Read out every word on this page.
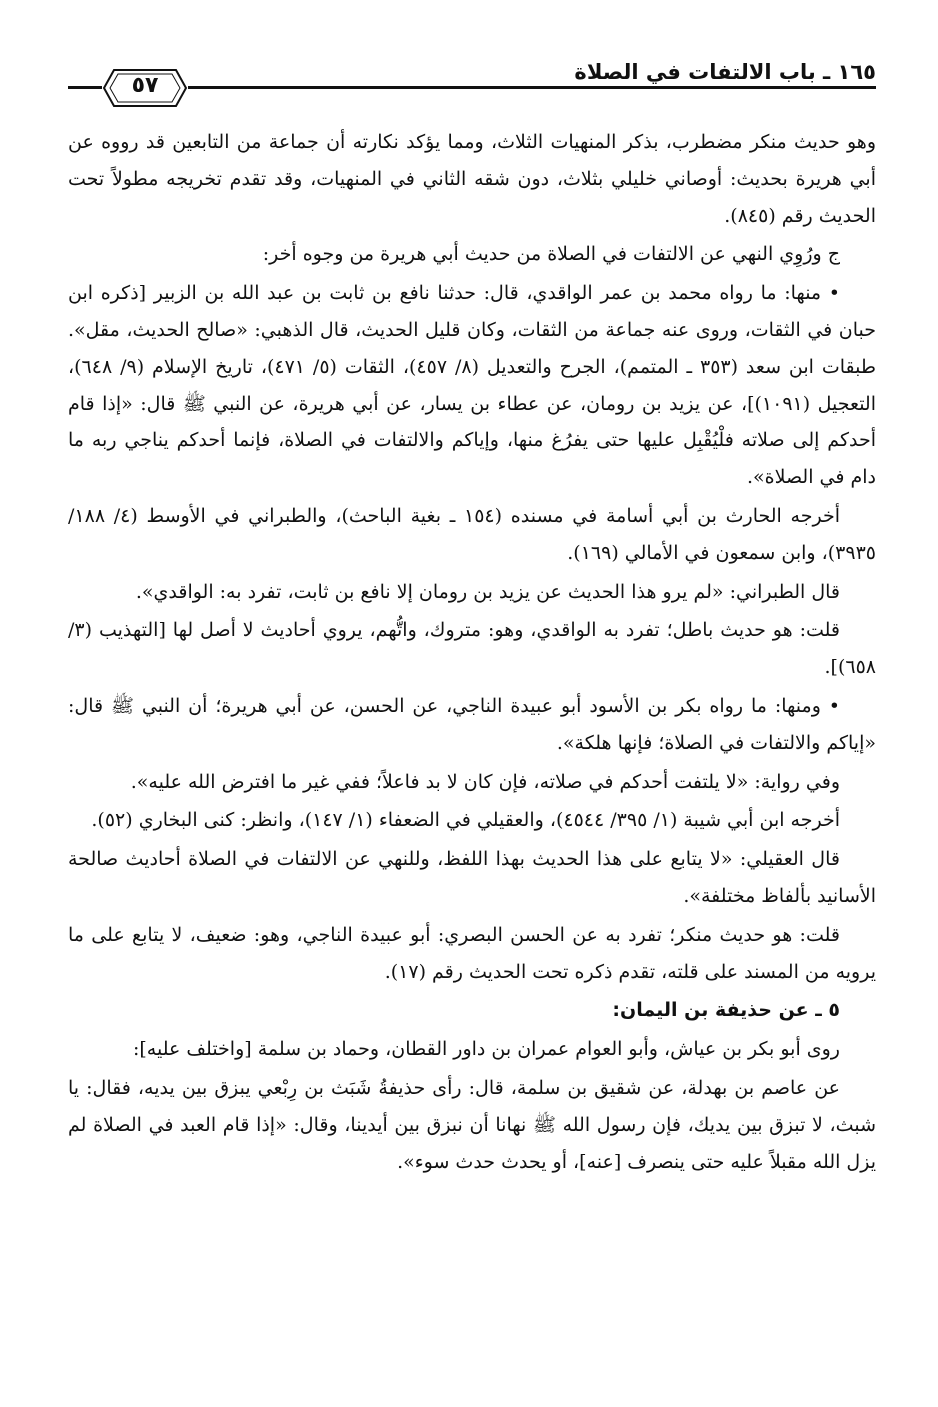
١٦٥ ـ باب الالتفات في الصلاة
٥٧

وهو حديث منكر مضطرب، بذكر المنهيات الثلاث، ومما يؤكد نكارته أن جماعة من التابعين قد رووه عن أبي هريرة بحديث: أوصاني خليلي بثلاث، دون شقه الثاني في المنهيات، وقد تقدم تخريجه مطولاً تحت الحديث رقم (٨٤٥).

ج ورُوِي النهي عن الالتفات في الصلاة من حديث أبي هريرة من وجوه أخر:

• منها: ما رواه محمد بن عمر الواقدي، قال: حدثنا نافع بن ثابت بن عبد الله بن الزبير [ذكره ابن حبان في الثقات، وروى عنه جماعة من الثقات، وكان قليل الحديث، قال الذهبي: «صالح الحديث، مقل». طبقات ابن سعد (٣٥٣ ـ المتمم)، الجرح والتعديل (٨/ ٤٥٧)، الثقات (٥/ ٤٧١)، تاريخ الإسلام (٩/ ٦٤٨)، التعجيل (١٠٩١)]، عن يزيد بن رومان، عن عطاء بن يسار، عن أبي هريرة، عن النبي ﷺ قال: «إذا قام أحدكم إلى صلاته فلْيُقْبِل عليها حتى يفرُغ منها، وإياكم والالتفات في الصلاة، فإنما أحدكم يناجي ربه ما دام في الصلاة».

أخرجه الحارث بن أبي أسامة في مسنده (١٥٤ ـ بغية الباحث)، والطبراني في الأوسط (٤/ ١٨٨/ ٣٩٣٥)، وابن سمعون في الأمالي (١٦٩).

قال الطبراني: «لم يرو هذا الحديث عن يزيد بن رومان إلا نافع بن ثابت، تفرد به: الواقدي».

قلت: هو حديث باطل؛ تفرد به الواقدي، وهو: متروك، واتُّهم، يروي أحاديث لا أصل لها [التهذيب (٣/ ٦٥٨)].

• ومنها: ما رواه بكر بن الأسود أبو عبيدة الناجي، عن الحسن، عن أبي هريرة؛ أن النبي ﷺ قال: «إياكم والالتفات في الصلاة؛ فإنها هلكة».

وفي رواية: «لا يلتفت أحدكم في صلاته، فإن كان لا بد فاعلاً؛ ففي غير ما افترض الله عليه».

أخرجه ابن أبي شيبة (١/ ٣٩٥/ ٤٥٤٤)، والعقيلي في الضعفاء (١/ ١٤٧)، وانظر: كنى البخاري (٥٢).

قال العقيلي: «لا يتابع على هذا الحديث بهذا اللفظ، وللنهي عن الالتفات في الصلاة أحاديث صالحة الأسانيد بألفاظ مختلفة».

قلت: هو حديث منكر؛ تفرد به عن الحسن البصري: أبو عبيدة الناجي، وهو: ضعيف، لا يتابع على ما يرويه من المسند على قلته، تقدم ذكره تحت الحديث رقم (١٧).

٥ ـ عن حذيفة بن اليمان:

روى أبو بكر بن عياش، وأبو العوام عمران بن داور القطان، وحماد بن سلمة [واختلف عليه]:

عن عاصم بن بهدلة، عن شقيق بن سلمة، قال: رأى حذيفةُ شَبَث بن رِبْعي يبزق بين يديه، فقال: يا شبث، لا تبزق بين يديك، فإن رسول الله ﷺ نهانا أن نبزق بين أيدينا، وقال: «إذا قام العبد في الصلاة لم يزل الله مقبلاً عليه حتى ينصرف [عنه]، أو يحدث حدث سوء».
